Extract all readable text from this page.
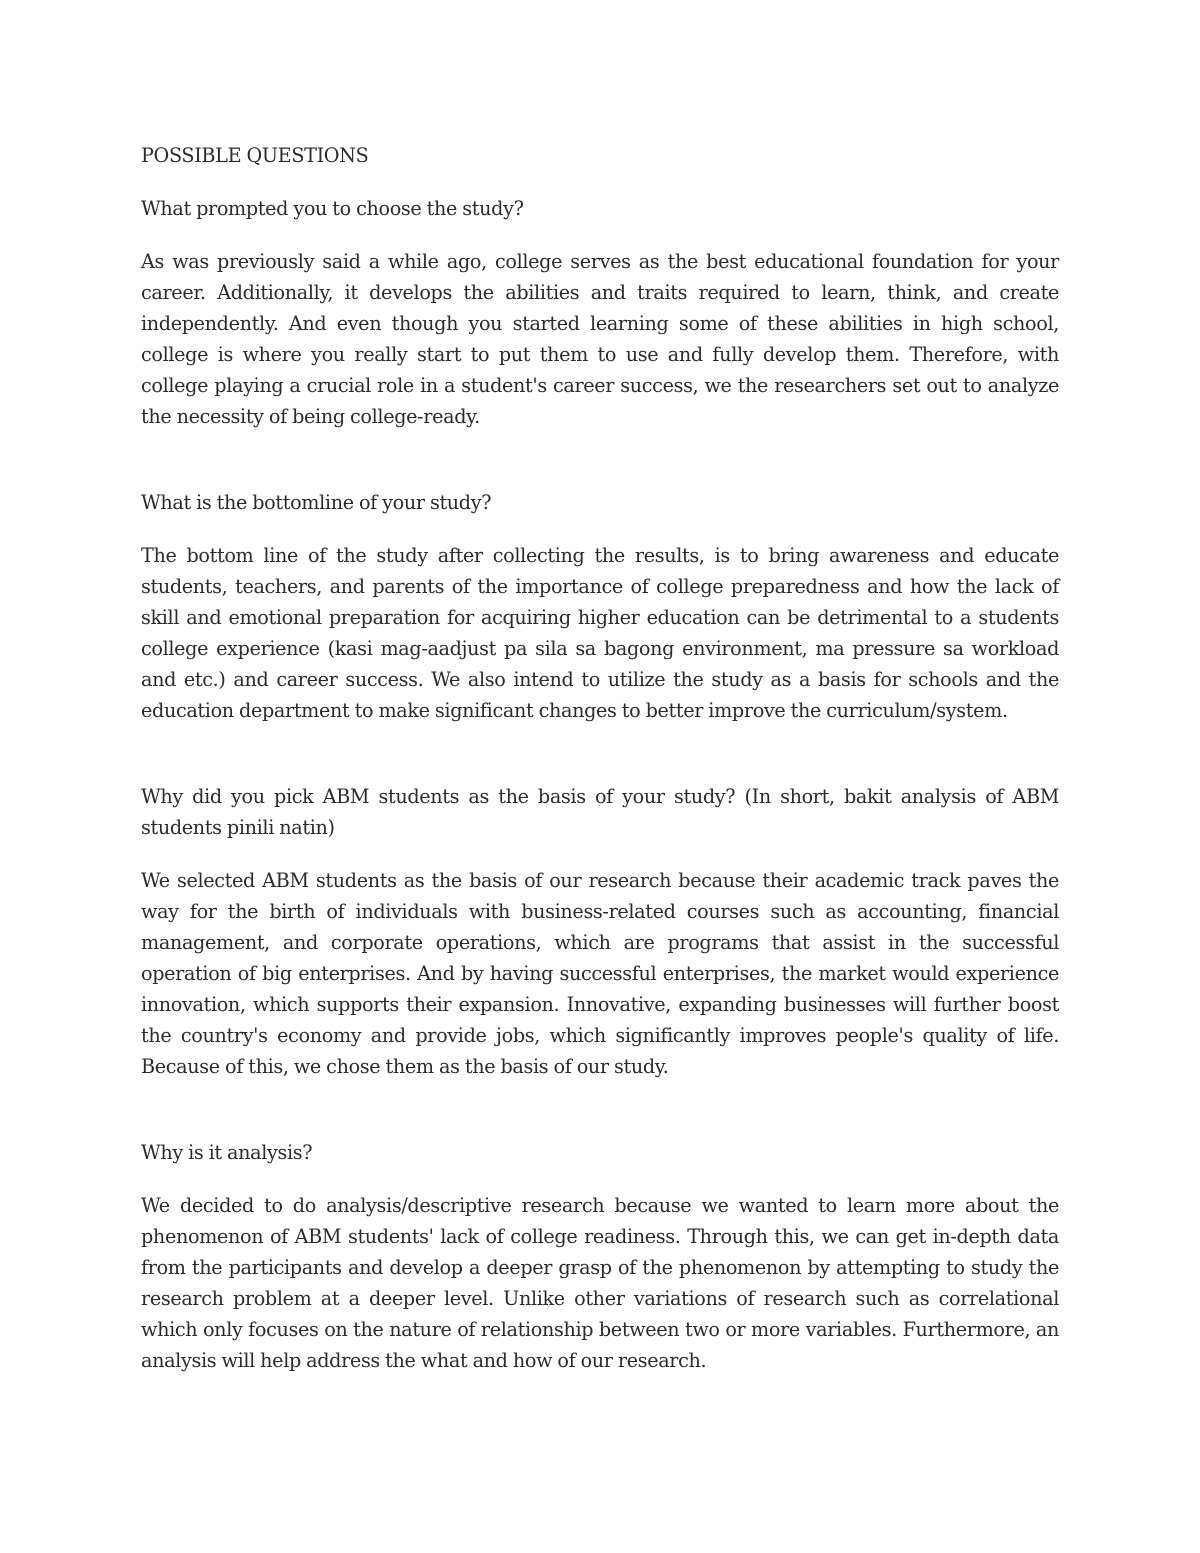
POSSIBLE QUESTIONS
What prompted you to choose the study?
As was previously said a while ago, college serves as the best educational foundation for your career. Additionally, it develops the abilities and traits required to learn, think, and create independently. And even though you started learning some of these abilities in high school, college is where you really start to put them to use and fully develop them. Therefore, with college playing a crucial role in a student's career success, we the researchers set out to analyze the necessity of being college-ready.
What is the bottomline of your study?
The bottom line of the study after collecting the results, is to bring awareness and educate students, teachers, and parents of the importance of college preparedness and how the lack of skill and emotional preparation for acquiring higher education can be detrimental to a students college experience (kasi mag-aadjust pa sila sa bagong environment, ma pressure sa workload and etc.) and career success. We also intend to utilize the study as a basis for schools and the education department to make significant changes to better improve the curriculum/system.
Why did you pick ABM students as the basis of your study? (In short, bakit analysis of ABM students pinili natin)
We selected ABM students as the basis of our research because their academic track paves the way for the birth of individuals with business-related courses such as accounting, financial management, and corporate operations, which are programs that assist in the successful operation of big enterprises. And by having successful enterprises, the market would experience innovation, which supports their expansion. Innovative, expanding businesses will further boost the country's economy and provide jobs, which significantly improves people's quality of life. Because of this, we chose them as the basis of our study.
Why is it analysis?
We decided to do analysis/descriptive research because we wanted to learn more about the phenomenon of ABM students' lack of college readiness. Through this, we can get in-depth data from the participants and develop a deeper grasp of the phenomenon by attempting to study the research problem at a deeper level. Unlike other variations of research such as correlational which only focuses on the nature of relationship between two or more variables. Furthermore, an analysis will help address the what and how of our research.
